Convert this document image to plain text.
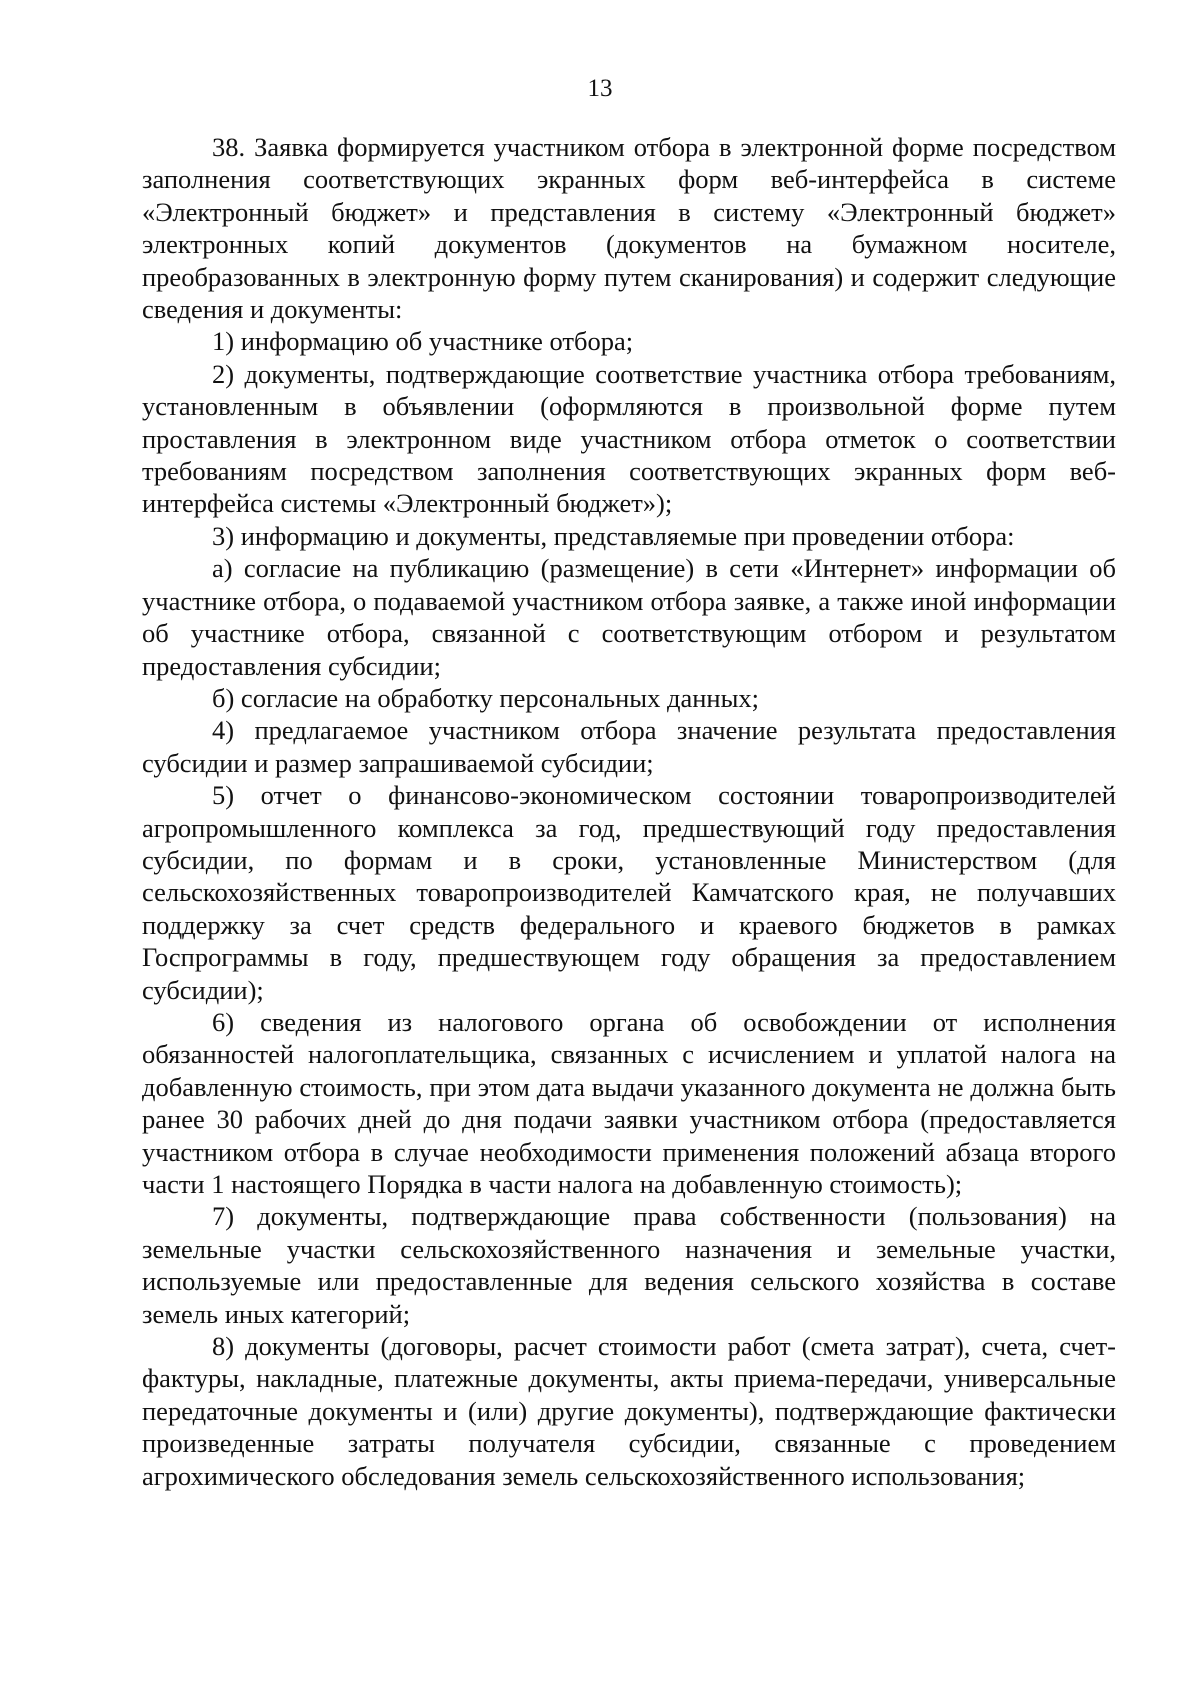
13

38. Заявка формируется участником отбора в электронной форме посредством заполнения соответствующих экранных форм веб-интерфейса в системе «Электронный бюджет» и представления в систему «Электронный бюджет» электронных копий документов (документов на бумажном носителе, преобразованных в электронную форму путем сканирования) и содержит следующие сведения и документы:

1) информацию об участнике отбора;

2) документы, подтверждающие соответствие участника отбора требованиям, установленным в объявлении (оформляются в произвольной форме путем проставления в электронном виде участником отбора отметок о соответствии требованиям посредством заполнения соответствующих экранных форм веб-интерфейса системы «Электронный бюджет»);

3) информацию и документы, представляемые при проведении отбора:

а) согласие на публикацию (размещение) в сети «Интернет» информации об участнике отбора, о подаваемой участником отбора заявке, а также иной информации об участнике отбора, связанной с соответствующим отбором и результатом предоставления субсидии;

б) согласие на обработку персональных данных;

4) предлагаемое участником отбора значение результата предоставления субсидии и размер запрашиваемой субсидии;

5) отчет о финансово-экономическом состоянии товаропроизводителей агропромышленного комплекса за год, предшествующий году предоставления субсидии, по формам и в сроки, установленные Министерством (для сельскохозяйственных товаропроизводителей Камчатского края, не получавших поддержку за счет средств федерального и краевого бюджетов в рамках Госпрограммы в году, предшествующем году обращения за предоставлением субсидии);

6) сведения из налогового органа об освобождении от исполнения обязанностей налогоплательщика, связанных с исчислением и уплатой налога на добавленную стоимость, при этом дата выдачи указанного документа не должна быть ранее 30 рабочих дней до дня подачи заявки участником отбора (предоставляется участником отбора в случае необходимости применения положений абзаца второго части 1 настоящего Порядка в части налога на добавленную стоимость);

7) документы, подтверждающие права собственности (пользования) на земельные участки сельскохозяйственного назначения и земельные участки, используемые или предоставленные для ведения сельского хозяйства в составе земель иных категорий;

8) документы (договоры, расчет стоимости работ (смета затрат), счета, счет-фактуры, накладные, платежные документы, акты приема-передачи, универсальные передаточные документы и (или) другие документы), подтверждающие фактически произведенные затраты получателя субсидии, связанные с проведением агрохимического обследования земель сельскохозяйственного использования;
